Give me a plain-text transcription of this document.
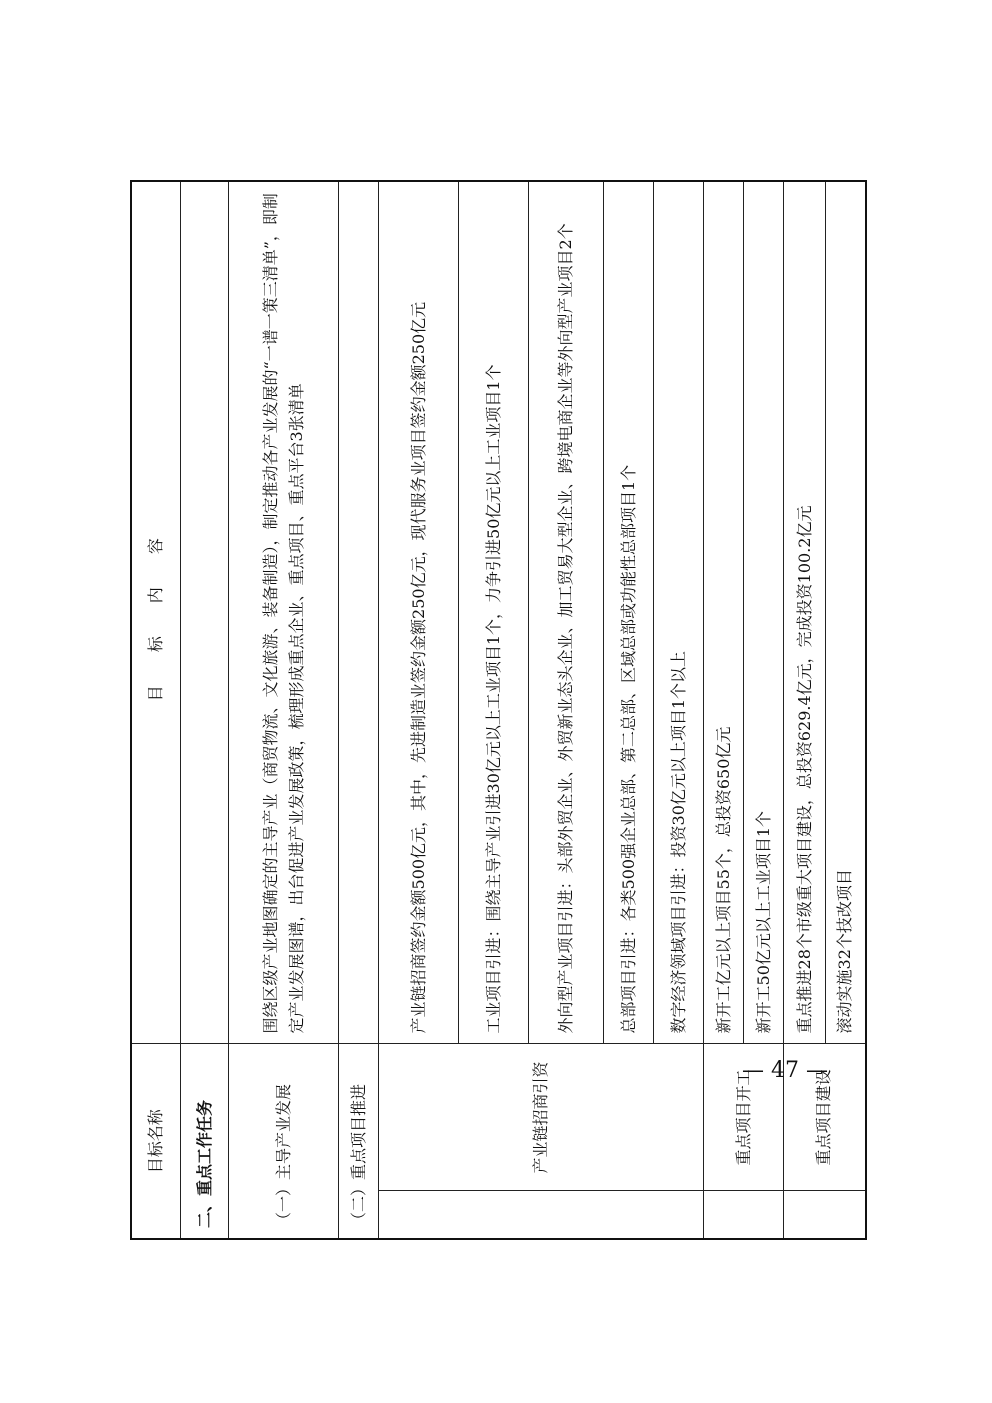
目标名称		目 标 内 容
二、重点工作任务		
（一）主导产业发展		围绕区级产业地图确定的主导产业（商贸物流、文化旅游、装备制造），制定推动各产业发展的“一谱一策三清单”，即制定产业发展图谱，出台促进产业发展政策，梳理形成重点企业、重点项目、重点平台3张清单
（二）重点项目推进		
	产业链招商引资	产业链招商签约金额500亿元，其中，先进制造业签约金额250亿元，现代服务业项目签约金额250亿元
		工业项目引进：围绕主导产业引进30亿元以上工业项目1个，力争引进50亿元以上工业项目1个
		外向型产业项目引进：头部外贸企业、外贸新业态头企业、加工贸易大型企业、跨境电商企业等外向型产业项目2个
		总部项目引进：各类500强企业总部、第二总部、区域总部或功能性总部项目1个
		数字经济领域项目引进：投资30亿元以上项目1个以上
	重点项目开工	新开工亿元以上项目55个，总投资650亿元
		新开工50亿元以上工业项目1个
	重点项目建设	重点推进28个市级重大项目建设，总投资629.4亿元，完成投资100.2亿元
		滚动实施32个技改项目
— 47 —
